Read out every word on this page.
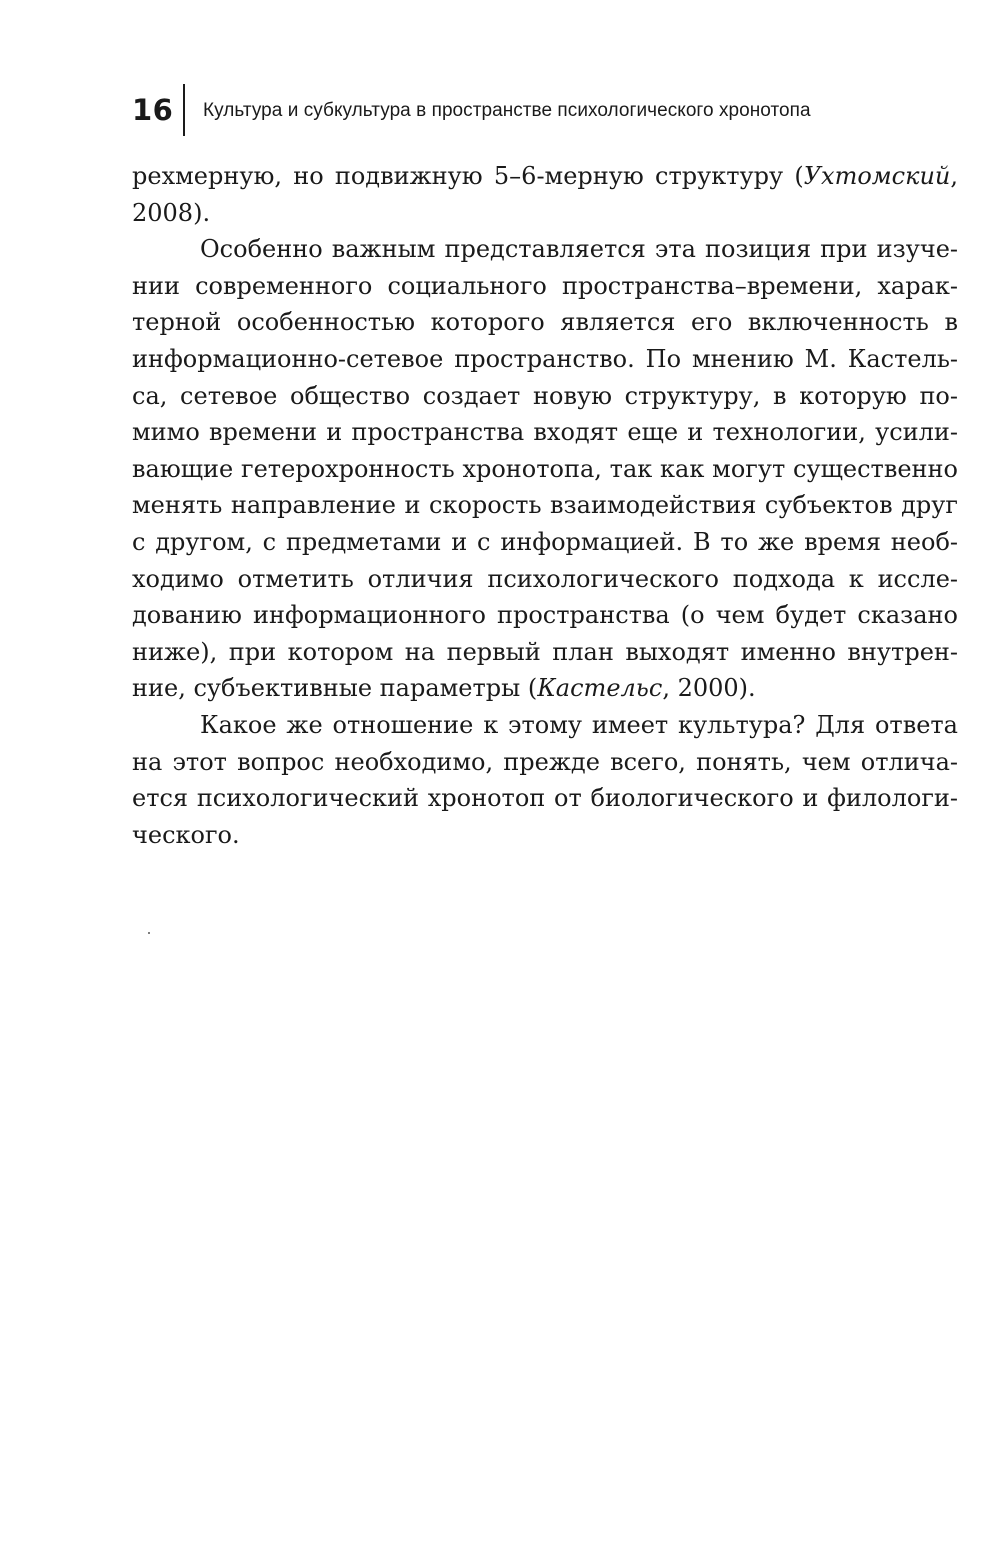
16 Культура и субкультура в пространстве психологического хронотопа
рехмерную, но подвижную 5–6-мерную структуру (Ухтомский,
2008).
Особенно важным представляется эта позиция при изуче-
нии современного социального пространства–времени, харак-
терной особенностью которого является его включенность в
информационно-сетевое пространство. По мнению М. Кастель-
са, сетевое общество создает новую структуру, в которую по-
мимо времени и пространства входят еще и технологии, усили-
вающие гетерохронность хронотопа, так как могут существенно
менять направление и скорость взаимодействия субъектов друг
с другом, с предметами и с информацией. В то же время необ-
ходимо отметить отличия психологического подхода к иссле-
дованию информационного пространства (о чем будет сказано
ниже), при котором на первый план выходят именно внутрен-
ние, субъективные параметры (Кастельс, 2000).
Какое же отношение к этому имеет культура? Для ответа
на этот вопрос необходимо, прежде всего, понять, чем отлича-
ется психологический хронотоп от биологического и филологи-
ческого.
